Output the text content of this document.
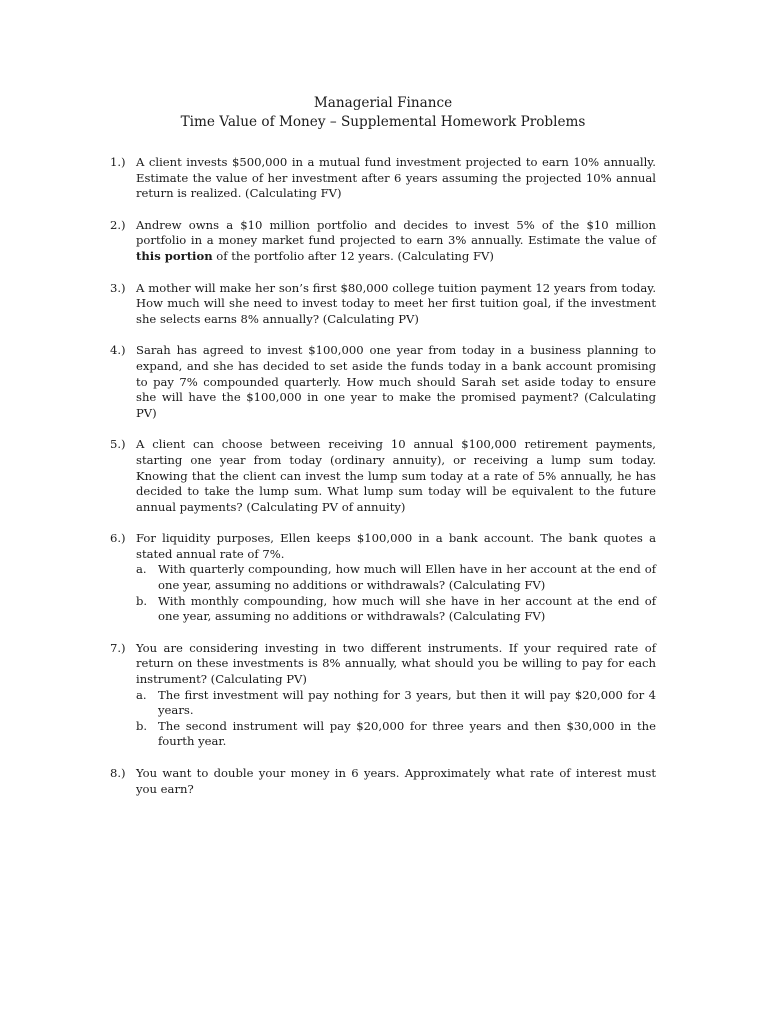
Managerial Finance
Time Value of Money – Supplemental Homework Problems
1.) A client invests $500,000 in a mutual fund investment projected to earn 10% annually. Estimate the value of her investment after 6 years assuming the projected 10% annual return is realized. (Calculating FV)
2.) Andrew owns a $10 million portfolio and decides to invest 5% of the $10 million portfolio in a money market fund projected to earn 3% annually. Estimate the value of this portion of the portfolio after 12 years. (Calculating FV)
3.) A mother will make her son’s first $80,000 college tuition payment 12 years from today. How much will she need to invest today to meet her first tuition goal, if the investment she selects earns 8% annually? (Calculating PV)
4.) Sarah has agreed to invest $100,000 one year from today in a business planning to expand, and she has decided to set aside the funds today in a bank account promising to pay 7% compounded quarterly. How much should Sarah set aside today to ensure she will have the $100,000 in one year to make the promised payment? (Calculating PV)
5.) A client can choose between receiving 10 annual $100,000 retirement payments, starting one year from today (ordinary annuity), or receiving a lump sum today. Knowing that the client can invest the lump sum today at a rate of 5% annually, he has decided to take the lump sum. What lump sum today will be equivalent to the future annual payments? (Calculating PV of annuity)
6.) For liquidity purposes, Ellen keeps $100,000 in a bank account. The bank quotes a stated annual rate of 7%.
a. With quarterly compounding, how much will Ellen have in her account at the end of one year, assuming no additions or withdrawals? (Calculating FV)
b. With monthly compounding, how much will she have in her account at the end of one year, assuming no additions or withdrawals? (Calculating FV)
7.) You are considering investing in two different instruments. If your required rate of return on these investments is 8% annually, what should you be willing to pay for each instrument? (Calculating PV)
a. The first investment will pay nothing for 3 years, but then it will pay $20,000 for 4 years.
b. The second instrument will pay $20,000 for three years and then $30,000 in the fourth year.
8.) You want to double your money in 6 years. Approximately what rate of interest must you earn?
